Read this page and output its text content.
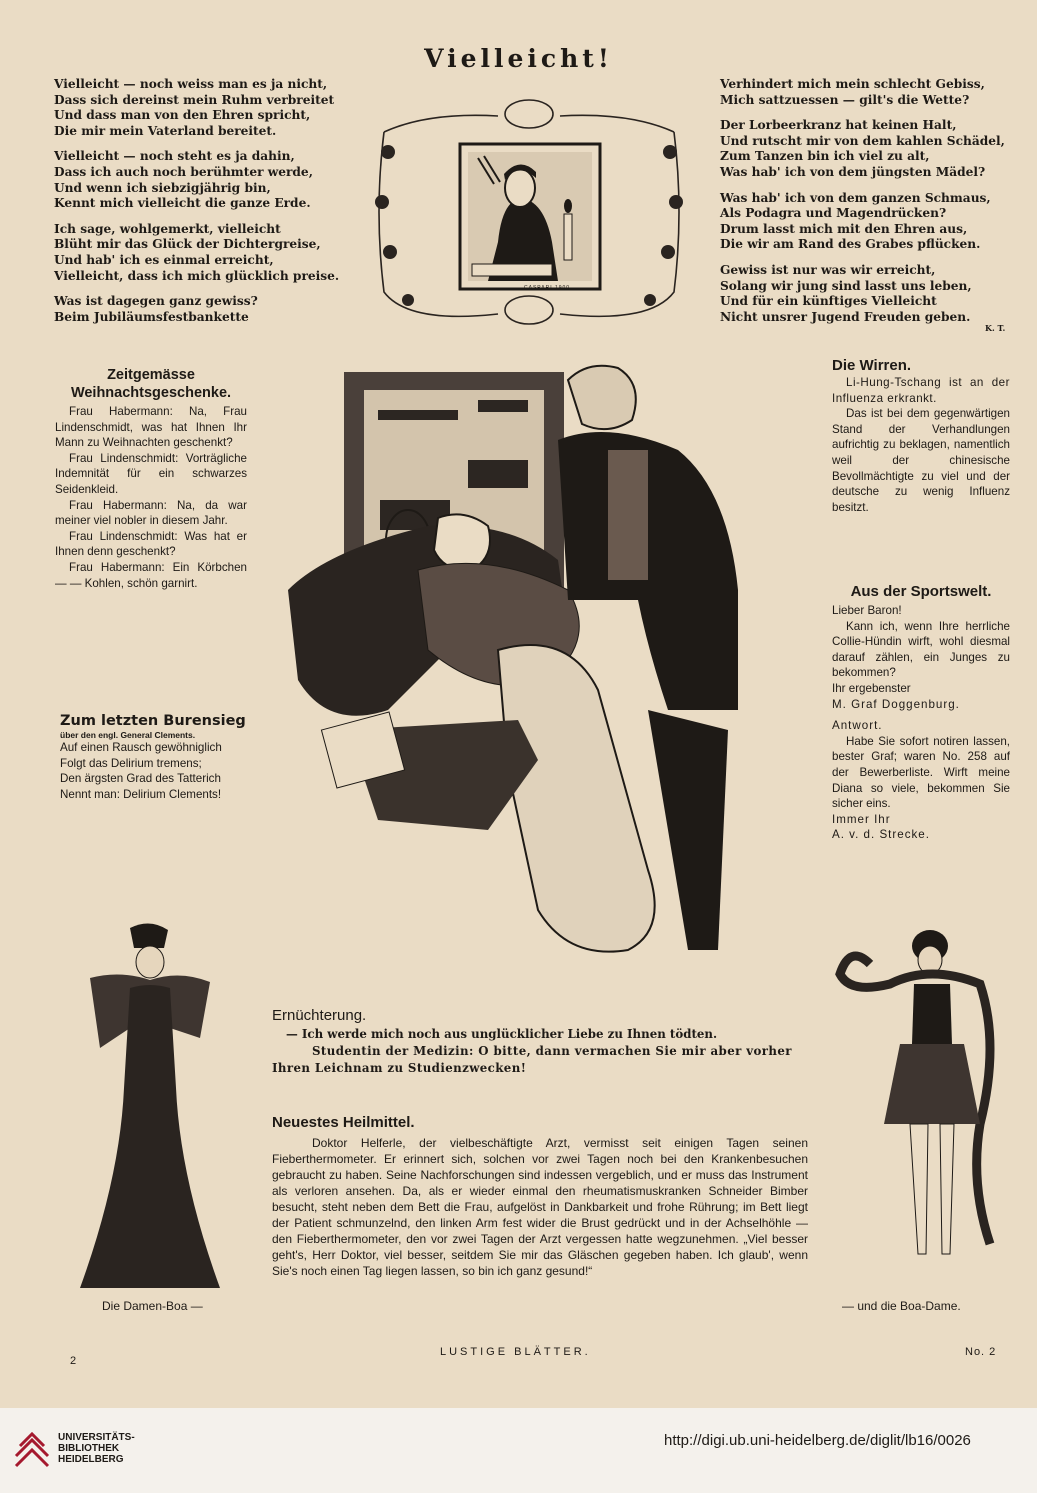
Vielleicht!

Vielleicht — noch weiss man es ja nicht,
Dass sich dereinst mein Ruhm verbreitet
Und dass man von den Ehren spricht,
Die mir mein Vaterland bereitet.

Vielleicht — noch steht es ja dahin,
Dass ich auch noch berühmter werde,
Und wenn ich siebzigjährig bin,
Kennt mich vielleicht die ganze Erde.

Ich sage, wohlgemerkt, vielleicht
Blüht mir das Glück der Dichtergreise,
Und hab' ich es einmal erreicht,
Vielleicht, dass ich mich glücklich preise.

Was ist dagegen ganz gewiss?
Beim Jubiläumsfestbankette

CASPARI 1900

Verhindert mich mein schlecht Gebiss,
Mich sattzuessen — gilt's die Wette?

Der Lorbeerkranz hat keinen Halt,
Und rutscht mir von dem kahlen Schädel,
Zum Tanzen bin ich viel zu alt,
Was hab' ich von dem jüngsten Mädel?

Was hab' ich von dem ganzen Schmaus,
Als Podagra und Magendrücken?
Drum lasst mich mit den Ehren aus,
Die wir am Rand des Grabes pflücken.

Gewiss ist nur was wir erreicht,
Solang wir jung sind lasst uns leben,
Und für ein künftiges Vielleicht
Nicht unsrer Jugend Freuden geben.

K. T.
Zeitgemässe
Weihnachtsgeschenke.

Frau Habermann: Na, Frau Lindenschmidt, was hat Ihnen Ihr Mann zu Weihnachten geschenkt?

Frau Lindenschmidt: Vorträgliche Indemnität für ein schwarzes Seidenkleid.

Frau Habermann: Na, da war meiner viel nobler in diesem Jahr.

Frau Lindenschmidt: Was hat er Ihnen denn geschenkt?

Frau Habermann: Ein Körbchen — — Kohlen, schön garnirt.

Zum letzten Burensieg
über den engl. General Clements.

Auf einen Rausch gewöhniglich

Folgt das Delirium tremens;

Den ärgsten Grad des Tatterich

Nennt man: Delirium Clements!

Die Wirren.

Li-Hung-Tschang ist an der Influenza erkrankt.

Das ist bei dem gegenwärtigen Stand der Verhandlungen aufrichtig zu beklagen, namentlich weil der chinesische Bevollmächtigte zu viel und der deutsche zu wenig Influenz besitzt.

Aus der Sportswelt.

Lieber Baron!

Kann ich, wenn Ihre herrliche Collie-Hündin wirft, wohl diesmal darauf zählen, ein Junges zu bekommen?

Ihr ergebenster

M. Graf Doggenburg.

Antwort.

Habe Sie sofort notiren lassen, bester Graf; waren No. 258 auf der Bewerberliste. Wirft meine Diana so viele, bekommen Sie sicher eins.

Immer Ihr

A. v. d. Strecke.

Die Damen-Boa —	— und die Boa-Dame.
Ernüchterung.
— Ich werde mich noch aus unglücklicher Liebe zu Ihnen tödten.
Studentin der Medizin: O bitte, dann vermachen Sie mir aber vorher Ihren Leichnam zu Studienzwecken!
Neuestes Heilmittel.

Doktor Helferle, der vielbeschäftigte Arzt, vermisst seit einigen Tagen seinen Fieberthermometer. Er erinnert sich, solchen vor zwei Tagen noch bei den Krankenbesuchen gebraucht zu haben. Seine Nachforschungen sind indessen vergeblich, und er muss das Instrument als verloren ansehen. Da, als er wieder einmal den rheumatismuskranken Schneider Bimber besucht, steht neben dem Bett die Frau, aufgelöst in Dankbarkeit und frohe Rührung; im Bett liegt der Patient schmunzelnd, den linken Arm fest wider die Brust gedrückt und in der Achselhöhle — den Fieberthermometer, den vor zwei Tagen der Arzt vergessen hatte wegzunehmen. „Viel besser geht's, Herr Doktor, viel besser, seitdem Sie mir das Gläschen gegeben haben. Ich glaub', wenn Sie's noch einen Tag liegen lassen, so bin ich ganz gesund!“

2
LUSTIGE BLÄTTER.	No. 2
UNIVERSITÄTS-
BIBLIOTHEK
HEIDELBERG
http://digi.ub.uni-heidelberg.de/diglit/lb16/0026
